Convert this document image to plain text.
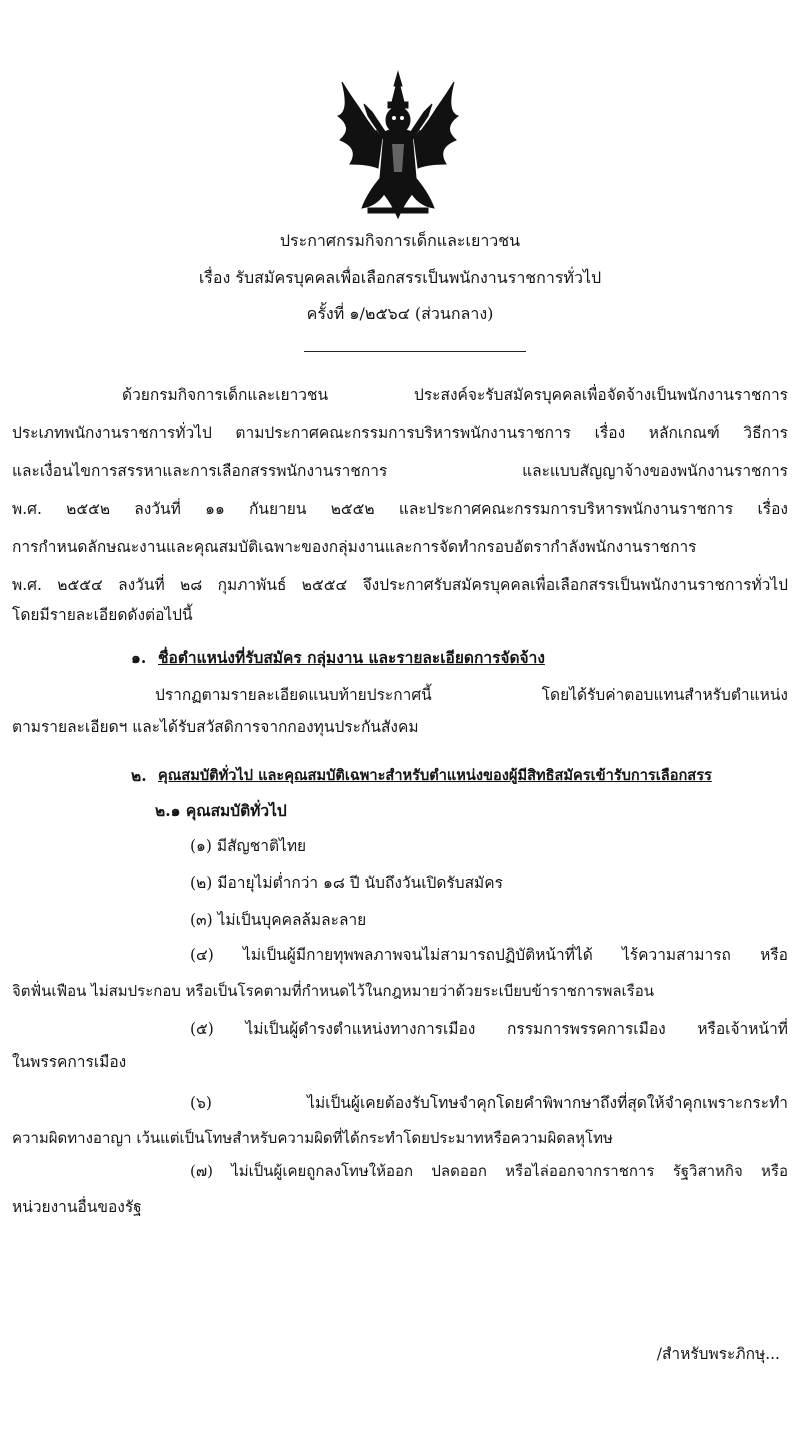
ประกาศกรมกิจการเด็กและเยาวชน
เรื่อง รับสมัครบุคคลเพื่อเลือกสรรเป็นพนักงานราชการทั่วไป
ครั้งที่ ๑/๒๕๖๔ (ส่วนกลาง)
ด้วยกรมกิจการเด็กและเยาวชน ประสงค์จะรับสมัครบุคคลเพื่อจัดจ้างเป็นพนักงานราชการ
ประเภทพนักงานราชการทั่วไป ตามประกาศคณะกรรมการบริหารพนักงานราชการ เรื่อง หลักเกณฑ์ วิธีการ
และเงื่อนไขการสรรหาและการเลือกสรรพนักงานราชการ และแบบสัญญาจ้างของพนักงานราชการ
พ.ศ. ๒๕๕๒ ลงวันที่ ๑๑ กันยายน ๒๕๕๒ และประกาศคณะกรรมการบริหารพนักงานราชการ เรื่อง
การกำหนดลักษณะงานและคุณสมบัติเฉพาะของกลุ่มงานและการจัดทำกรอบอัตรากำลังพนักงานราชการ
พ.ศ. ๒๕๕๔ ลงวันที่ ๒๘ กุมภาพันธ์ ๒๕๕๔ จึงประกาศรับสมัครบุคคลเพื่อเลือกสรรเป็นพนักงานราชการทั่วไป
โดยมีรายละเอียดดังต่อไปนี้
๑. ชื่อตำแหน่งที่รับสมัคร กลุ่มงาน และรายละเอียดการจัดจ้าง
ปรากฏตามรายละเอียดแนบท้ายประกาศนี้ โดยได้รับค่าตอบแทนสำหรับตำแหน่ง
ตามรายละเอียดฯ และได้รับสวัสดิการจากกองทุนประกันสังคม
๒. คุณสมบัติทั่วไป และคุณสมบัติเฉพาะสำหรับตำแหน่งของผู้มีสิทธิสมัครเข้ารับการเลือกสรร
๒.๑ คุณสมบัติทั่วไป
(๑) มีสัญชาติไทย
(๒) มีอายุไม่ต่ำกว่า ๑๘ ปี นับถึงวันเปิดรับสมัคร
(๓) ไม่เป็นบุคคลล้มละลาย
(๔) ไม่เป็นผู้มีกายทุพพลภาพจนไม่สามารถปฏิบัติหน้าที่ได้ ไร้ความสามารถ หรือ
จิตฟั่นเฟือน ไม่สมประกอบ หรือเป็นโรคตามที่กำหนดไว้ในกฎหมายว่าด้วยระเบียบข้าราชการพลเรือน
(๕) ไม่เป็นผู้ดำรงตำแหน่งทางการเมือง กรรมการพรรคการเมือง หรือเจ้าหน้าที่
ในพรรคการเมือง
(๖) ไม่เป็นผู้เคยต้องรับโทษจำคุกโดยคำพิพากษาถึงที่สุดให้จำคุกเพราะกระทำ
ความผิดทางอาญา เว้นแต่เป็นโทษสำหรับความผิดที่ได้กระทำโดยประมาทหรือความผิดลหุโทษ
(๗) ไม่เป็นผู้เคยถูกลงโทษให้ออก ปลดออก หรือไล่ออกจากราชการ รัฐวิสาหกิจ หรือ
หน่วยงานอื่นของรัฐ
/สำหรับพระภิกษุ...
